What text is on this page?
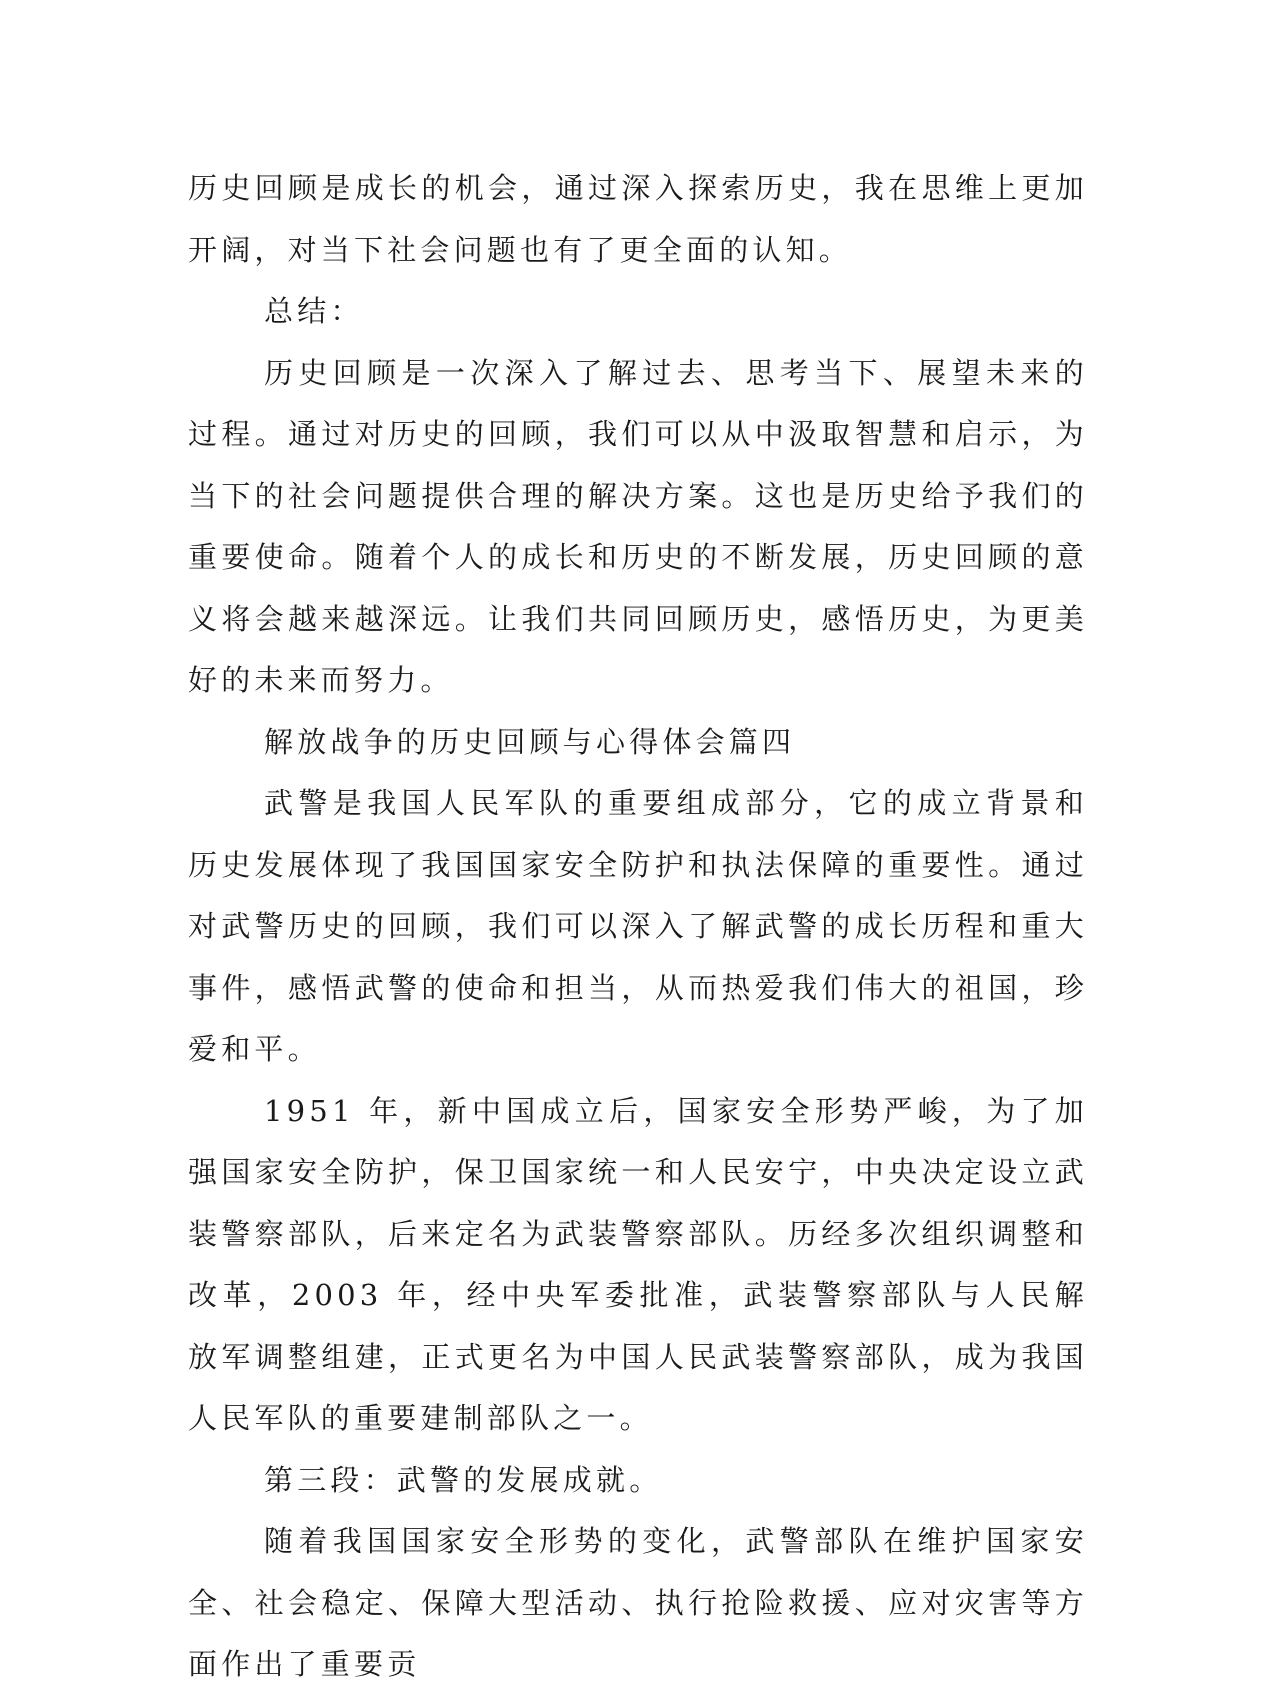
历史回顾是成长的机会，通过深入探索历史，我在思维上更加开阔，对当下社会问题也有了更全面的认知。

总结：

历史回顾是一次深入了解过去、思考当下、展望未来的过程。通过对历史的回顾，我们可以从中汲取智慧和启示，为当下的社会问题提供合理的解决方案。这也是历史给予我们的重要使命。随着个人的成长和历史的不断发展，历史回顾的意义将会越来越深远。让我们共同回顾历史，感悟历史，为更美好的未来而努力。

解放战争的历史回顾与心得体会篇四

武警是我国人民军队的重要组成部分，它的成立背景和历史发展体现了我国国家安全防护和执法保障的重要性。通过对武警历史的回顾，我们可以深入了解武警的成长历程和重大事件，感悟武警的使命和担当，从而热爱我们伟大的祖国，珍爱和平。

1951 年，新中国成立后，国家安全形势严峻，为了加强国家安全防护，保卫国家统一和人民安宁，中央决定设立武装警察部队，后来定名为武装警察部队。历经多次组织调整和改革，2003 年，经中央军委批准，武装警察部队与人民解放军调整组建，正式更名为中国人民武装警察部队，成为我国人民军队的重要建制部队之一。

第三段：武警的发展成就。

随着我国国家安全形势的变化，武警部队在维护国家安全、社会稳定、保障大型活动、执行抢险救援、应对灾害等方面作出了重要贡
